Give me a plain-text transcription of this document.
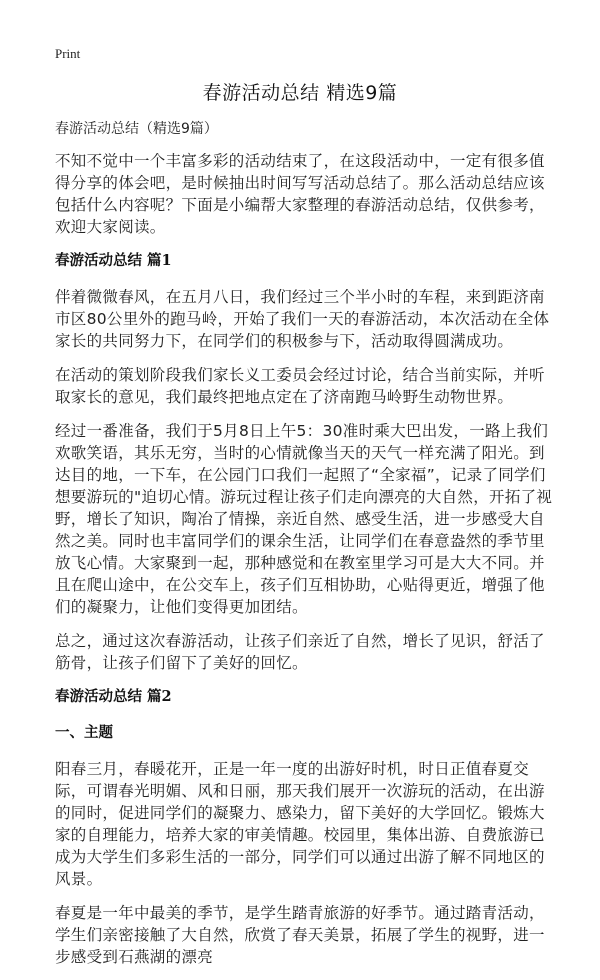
Print
春游活动总结 精选9篇

春游活动总结（精选9篇）

不知不觉中一个丰富多彩的活动结束了，在这段活动中，一定有很多值得分享的体会吧，是时候抽出时间写写活动总结了。那么活动总结应该包括什么内容呢？下面是小编帮大家整理的春游活动总结，仅供参考，欢迎大家阅读。

春游活动总结 篇1

伴着微微春风，在五月八日，我们经过三个半小时的车程，来到距济南市区80公里外的跑马岭，开始了我们一天的春游活动，本次活动在全体家长的共同努力下，在同学们的积极参与下，活动取得圆满成功。

在活动的策划阶段我们家长义工委员会经过讨论，结合当前实际，并听取家长的意见，我们最终把地点定在了济南跑马岭野生动物世界。

经过一番准备，我们于5月8日上午5：30准时乘大巴出发，一路上我们欢歌笑语，其乐无穷，当时的心情就像当天的天气一样充满了阳光。到达目的地，一下车，在公园门口我们一起照了“全家福”，记录了同学们想要游玩的"迫切心情。游玩过程让孩子们走向漂亮的大自然，开拓了视野，增长了知识，陶冶了情操，亲近自然、感受生活，进一步感受大自然之美。同时也丰富同学们的课余生活，让同学们在春意盎然的季节里放飞心情。大家聚到一起，那种感觉和在教室里学习可是大大不同。并且在爬山途中，在公交车上，孩子们互相协助，心贴得更近，增强了他们的凝聚力，让他们变得更加团结。

总之，通过这次春游活动，让孩子们亲近了自然，增长了见识，舒活了筋骨，让孩子们留下了美好的回忆。

春游活动总结 篇2

一、主题

阳春三月，春暖花开，正是一年一度的出游好时机，时日正值春夏交际，可谓春光明媚、风和日丽，那天我们展开一次游玩的活动，在出游的同时，促进同学们的凝聚力、感染力，留下美好的大学回忆。锻炼大家的自理能力，培养大家的审美情趣。校园里，集体出游、自费旅游已成为大学生们多彩生活的一部分，同学们可以通过出游了解不同地区的风景。

春夏是一年中最美的季节，是学生踏青旅游的好季节。通过踏青活动，学生们亲密接触了大自然，欣赏了春天美景，拓展了学生的视野，进一步感受到石燕湖的漂亮
